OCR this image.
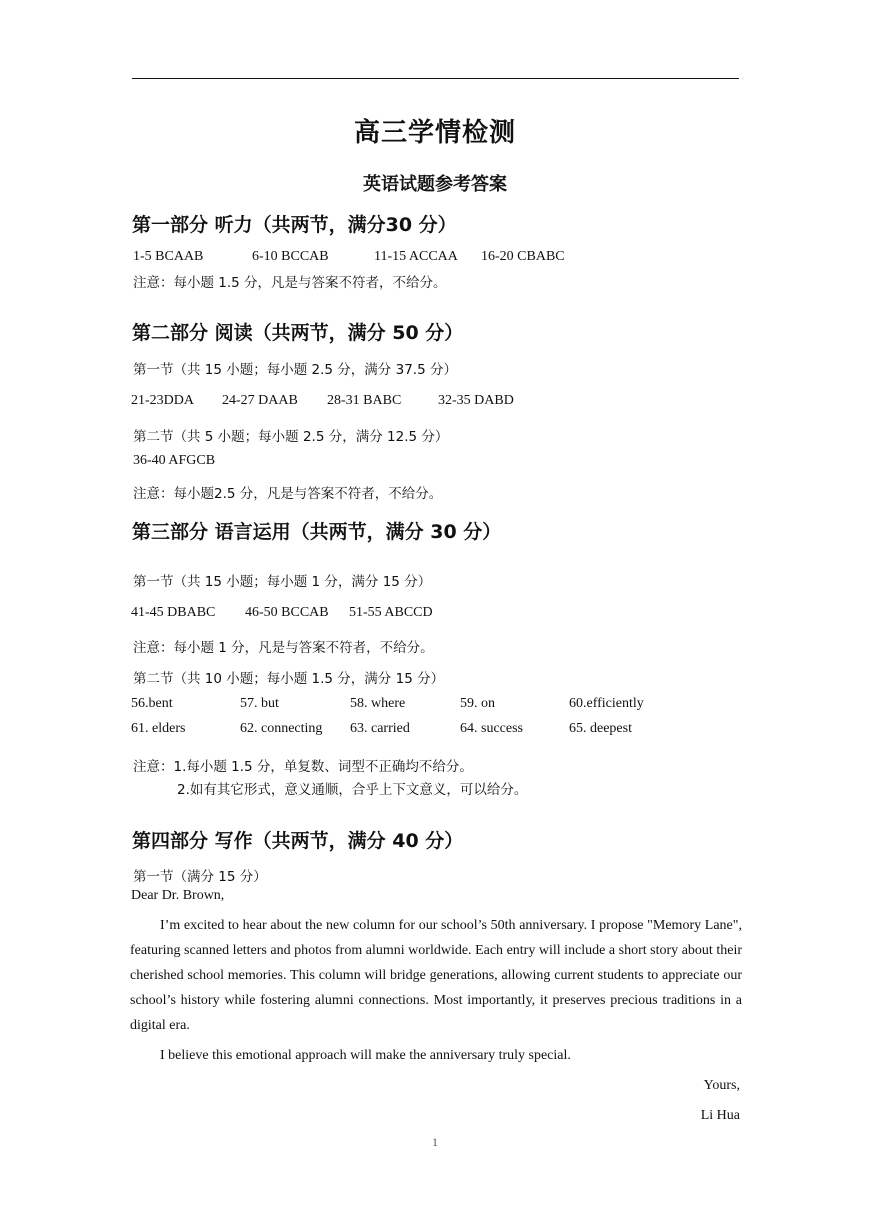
高三学情检测
英语试题参考答案
第一部分 听力（共两节，满分30 分）
1-5 BCAAB	6-10 BCCAB	11-15 ACCAA 16-20 CBABC
注意：每小题 1.5 分，凡是与答案不符者，不给分。
第二部分 阅读（共两节，满分 50 分）
第一节（共 15 小题；每小题 2.5 分，满分 37.5 分）
21-23DDA 24-27 DAAB 28-31 BABC	32-35 DABD
第二节（共 5 小题；每小题 2.5 分，满分 12.5 分）
36-40 AFGCB
注意：每小题2.5 分，凡是与答案不符者，不给分。
第三部分 语言运用（共两节，满分 30 分）
第一节（共 15 小题；每小题 1 分，满分 15 分）
41-45 DBABC 46-50 BCCAB 51-55 ABCCD
注意：每小题 1 分，凡是与答案不符者，不给分。
第二节（共 10 小题；每小题 1.5 分，满分 15 分）
56.bent	57. but	58. where	59. on	60.efficiently
61. elders	62. connecting 63. carried	64. success	65. deepest
注意：1.每小题 1.5 分，单复数、词型不正确均不给分。
2.如有其它形式，意义通顺，合乎上下文意义，可以给分。
第四部分 写作（共两节，满分 40 分）
第一节（满分 15 分）
Dear Dr. Brown,
I’m excited to hear about the new column for our school’s 50th anniversary. I propose "Memory Lane", featuring scanned letters and photos from alumni worldwide. Each entry will include a short story about their cherished school memories. This column will bridge generations, allowing current students to appreciate our school’s history while fostering alumni connections. Most importantly, it preserves precious traditions in a digital era.
I believe this emotional approach will make the anniversary truly special.
Yours,
Li Hua
1
